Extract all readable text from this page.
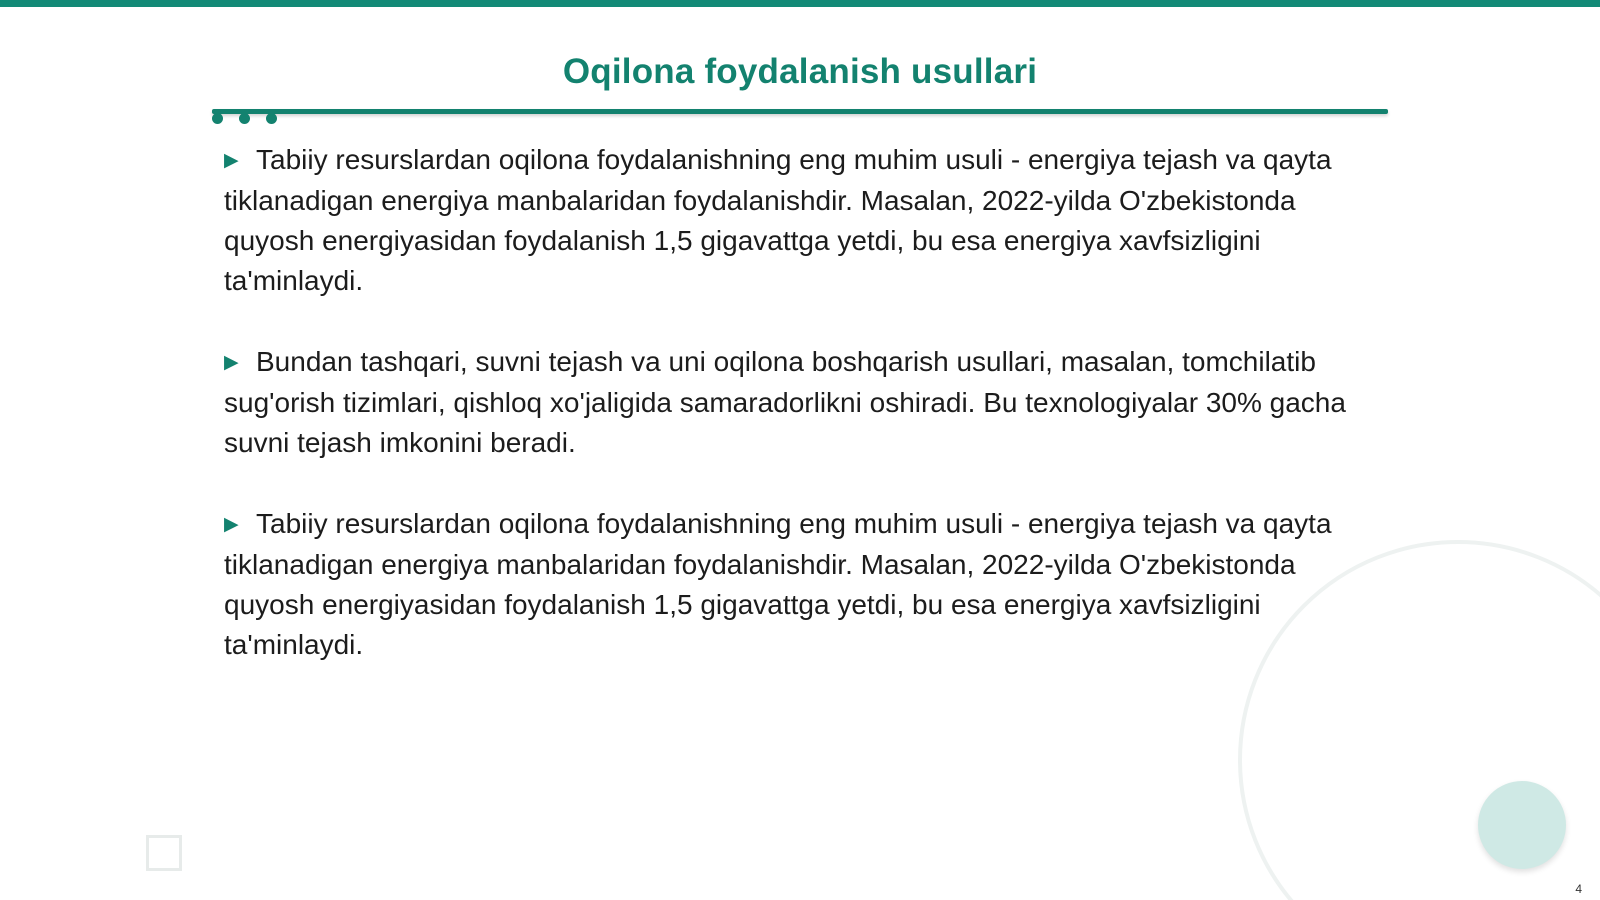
Oqilona foydalanish usullari

▶ Tabiiy resurslardan oqilona foydalanishning eng muhim usuli - energiya tejash va qayta tiklanadigan energiya manbalaridan foydalanishdir. Masalan, 2022-yilda O'zbekistonda quyosh energiyasidan foydalanish 1,5 gigavattga yetdi, bu esa energiya xavfsizligini ta'minlaydi.

▶ Bundan tashqari, suvni tejash va uni oqilona boshqarish usullari, masalan, tomchilatib sug'orish tizimlari, qishloq xo'jaligida samaradorlikni oshiradi. Bu texnologiyalar 30% gacha suvni tejash imkonini beradi.

▶ Tabiiy resurslardan oqilona foydalanishning eng muhim usuli - energiya tejash va qayta tiklanadigan energiya manbalaridan foydalanishdir. Masalan, 2022-yilda O'zbekistonda quyosh energiyasidan foydalanish 1,5 gigavattga yetdi, bu esa energiya xavfsizligini ta'minlaydi.

4
